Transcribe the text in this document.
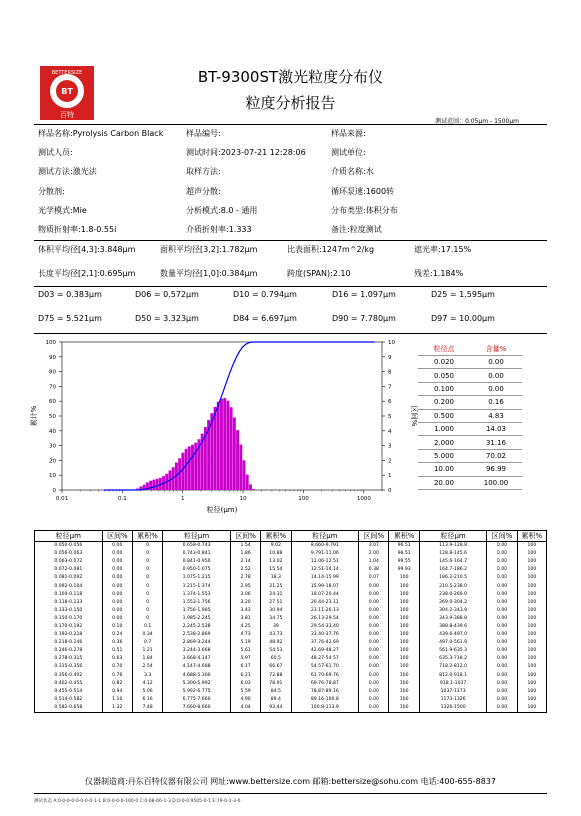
BETTERSIZE
BT
百特
BT-9300ST激光粒度分布仪
粒度分析报告
测试范围：0.05μm - 1500μm
样品名称:Pyrolysis Carbon Black	样品编号:	样品来源:
测试人员:	测试时间:2023-07-21 12:28:06	测试单位:
测试方法:激光法	取样方法:	介质名称:水
分散剂:	超声分散:	循环泵速:1600转
光学模式:Mie	分析模式:8.0 - 通用	分布类型:体积分布
物质折射率:1.8-0.55i	介质折射率:1.333	备注:粒度测试
体积平均径[4,3]:3.848μm	面积平均径[3,2]:1.782μm	比表面积:1247m^2/kg	遮光率:17.15%
长度平均径[2,1]:0.695μm	数量平均径[1,0]:0.384μm	跨度(SPAN):2.10	残差:1.184%
D03 = 0.383μm	D06 = 0.572μm	D10 = 0.794μm	D16 = 1.097μm	D25 = 1.595μm
D75 = 5.521μm	D50 = 3.323μm	D84 = 6.697μm	D90 = 7.780μm	D97 = 10.00μm
0
10
20
30
40
50
60
70
80
90
100
0
1
2
3
4
5
6
7
8
9
10
0.01	0.1	1	10	100	1000
粒径(μm)
累计%	区间%
粒径点	含量%
0.020	0.00
0.050	0.00
0.100	0.00
0.200	0.16
0.500	4.83
1.000	14.03
2.000	31.16
5.000	70.02
10.00	96.99
20.00	100.00
粒径μm	区间%	累积%	粒径μm	区间%	累积%	粒径μm	区间%	累积%	粒径μm	区间%	累积%
0.050-0.056	0.00	0	0.658-0.743	1.54	9.02	8.660-9.791	3.07	96.51	113.9-128.8	0.00	100
0.056-0.063	0.00	0	0.743-0.841	1.86	10.88	9.791-11.06	2.00	98.51	128.8-145.6	0.00	100
0.063-0.072	0.00	0	0.841-0.950	2.14	13.02	11.06-12.51	1.04	99.55	145.6-164.7	0.00	100
0.072-0.081	0.00	0	0.950-1.075	2.52	15.54	12.51-14.14	0.38	99.93	164.7-186.2	0.00	100
0.081-0.092	0.00	0	1.075-1.215	2.78	18.3	14.14-15.99	0.07	100	186.2-210.5	0.00	100
0.092-0.104	0.00	0	1.215-1.374	2.95	21.25	15.99-18.07	0.00	100	210.5-238.0	0.00	100
0.104-0.118	0.00	0	1.374-1.553	3.06	24.31	18.07-20.44	0.00	100	238.0-269.0	0.00	100
0.118-0.133	0.00	0	1.553-1.756	3.20	27.51	20.44-23.11	0.00	100	269.0-304.2	0.00	100
0.133-0.150	0.00	0	1.756-1.985	3.43	30.94	23.11-26.13	0.00	100	304.2-343.9	0.00	100
0.150-0.170	0.00	0	1.985-2.245	3.81	34.75	26.13-29.54	0.00	100	343.9-388.8	0.00	100
0.170-0.192	0.10	0.1	2.245-2.538	4.25	39	29.54-33.40	0.00	100	388.8-439.6	0.00	100
0.192-0.218	0.24	0.34	2.538-2.869	4.73	43.73	33.40-37.76	0.00	100	439.6-497.0	0.00	100
0.218-0.246	0.36	0.7	2.869-3.244	5.19	48.92	37.76-42.69	0.00	100	497.0-561.9	0.00	100
0.246-0.278	0.51	1.21	3.244-3.668	5.61	54.53	42.69-48.27	0.00	100	561.9-635.3	0.00	100
0.278-0.315	0.63	1.84	3.668-4.147	5.97	60.5	48.27-54.57	0.00	100	635.3-718.2	0.00	100
0.315-0.356	0.70	2.54	4.147-4.688	6.17	66.67	54.57-61.70	0.00	100	718.2-812.0	0.00	100
0.356-0.402	0.76	3.3	4.688-5.300	6.21	72.88	61.70-69.76	0.00	100	812.0-918.1	0.00	100
0.402-0.455	0.82	4.12	5.300-5.992	6.03	78.91	69.76-78.87	0.00	100	918.1-1037	0.00	100
0.455-0.514	0.94	5.06	5.992-6.775	5.59	84.5	78.87-89.16	0.00	100	1037-1173	0.00	100
0.514-0.582	1.10	6.16	6.775-7.660	4.90	89.4	89.16-100.8	0.00	100	1173-1326	0.00	100
0.582-0.658	1.32	7.48	7.660-8.660	4.04	93.44	100.8-113.9	0.00	100	1326-1500	0.00	100
仪器制造商:丹东百特仪器有限公司 网址:www.bettersize.com 邮箱:bettersize@sohu.com 电话:400-655-8837
测试状态 A:0-0-0-0-0-0-0-0-1-1 B:0-0-0-0-100-0 C:0-68-66-1-3 D:0-0-0.9505-0-1 E:79-0-1-3-0
